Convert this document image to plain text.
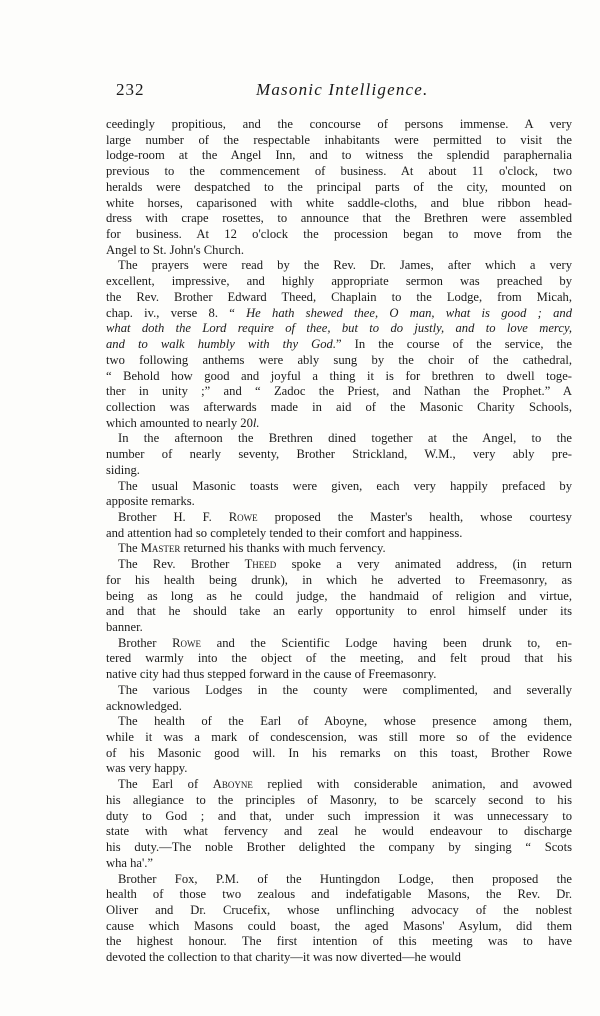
232	Masonic Intelligence.
ceedingly propitious, and the concourse of persons immense. A very
large number of the respectable inhabitants were permitted to visit the
lodge-room at the Angel Inn, and to witness the splendid paraphernalia
previous to the commencement of business. At about 11 o'clock, two
heralds were despatched to the principal parts of the city, mounted on
white horses, caparisoned with white saddle-cloths, and blue ribbon head-
dress with crape rosettes, to announce that the Brethren were assembled
for business. At 12 o'clock the procession began to move from the
Angel to St. John's Church.
The prayers were read by the Rev. Dr. James, after which a very
excellent, impressive, and highly appropriate sermon was preached by
the Rev. Brother Edward Theed, Chaplain to the Lodge, from Micah,
chap. iv., verse 8. “ He hath shewed thee, O man, what is good ; and
what doth the Lord require of thee, but to do justly, and to love mercy,
and to walk humbly with thy God.” In the course of the service, the
two following anthems were ably sung by the choir of the cathedral,
“ Behold how good and joyful a thing it is for brethren to dwell toge-
ther in unity ;” and “ Zadoc the Priest, and Nathan the Prophet.” A
collection was afterwards made in aid of the Masonic Charity Schools,
which amounted to nearly 20l.
In the afternoon the Brethren dined together at the Angel, to the
number of nearly seventy, Brother Strickland, W.M., very ably pre-
siding.
The usual Masonic toasts were given, each very happily prefaced by
apposite remarks.
Brother H. F. Rowe proposed the Master's health, whose courtesy
and attention had so completely tended to their comfort and happiness.
The Master returned his thanks with much fervency.
The Rev. Brother Theed spoke a very animated address, (in return
for his health being drunk), in which he adverted to Freemasonry, as
being as long as he could judge, the handmaid of religion and virtue,
and that he should take an early opportunity to enrol himself under its
banner.
Brother Rowe and the Scientific Lodge having been drunk to, en-
tered warmly into the object of the meeting, and felt proud that his
native city had thus stepped forward in the cause of Freemasonry.
The various Lodges in the county were complimented, and severally
acknowledged.
The health of the Earl of Aboyne, whose presence among them,
while it was a mark of condescension, was still more so of the evidence
of his Masonic good will. In his remarks on this toast, Brother Rowe
was very happy.
The Earl of Aboyne replied with considerable animation, and avowed
his allegiance to the principles of Masonry, to be scarcely second to his
duty to God ; and that, under such impression it was unnecessary to
state with what fervency and zeal he would endeavour to discharge
his duty.—The noble Brother delighted the company by singing “ Scots
wha ha'.”
Brother Fox, P.M. of the Huntingdon Lodge, then proposed the
health of those two zealous and indefatigable Masons, the Rev. Dr.
Oliver and Dr. Crucefix, whose unflinching advocacy of the noblest
cause which Masons could boast, the aged Masons' Asylum, did them
the highest honour. The first intention of this meeting was to have
devoted the collection to that charity—it was now diverted—he would
